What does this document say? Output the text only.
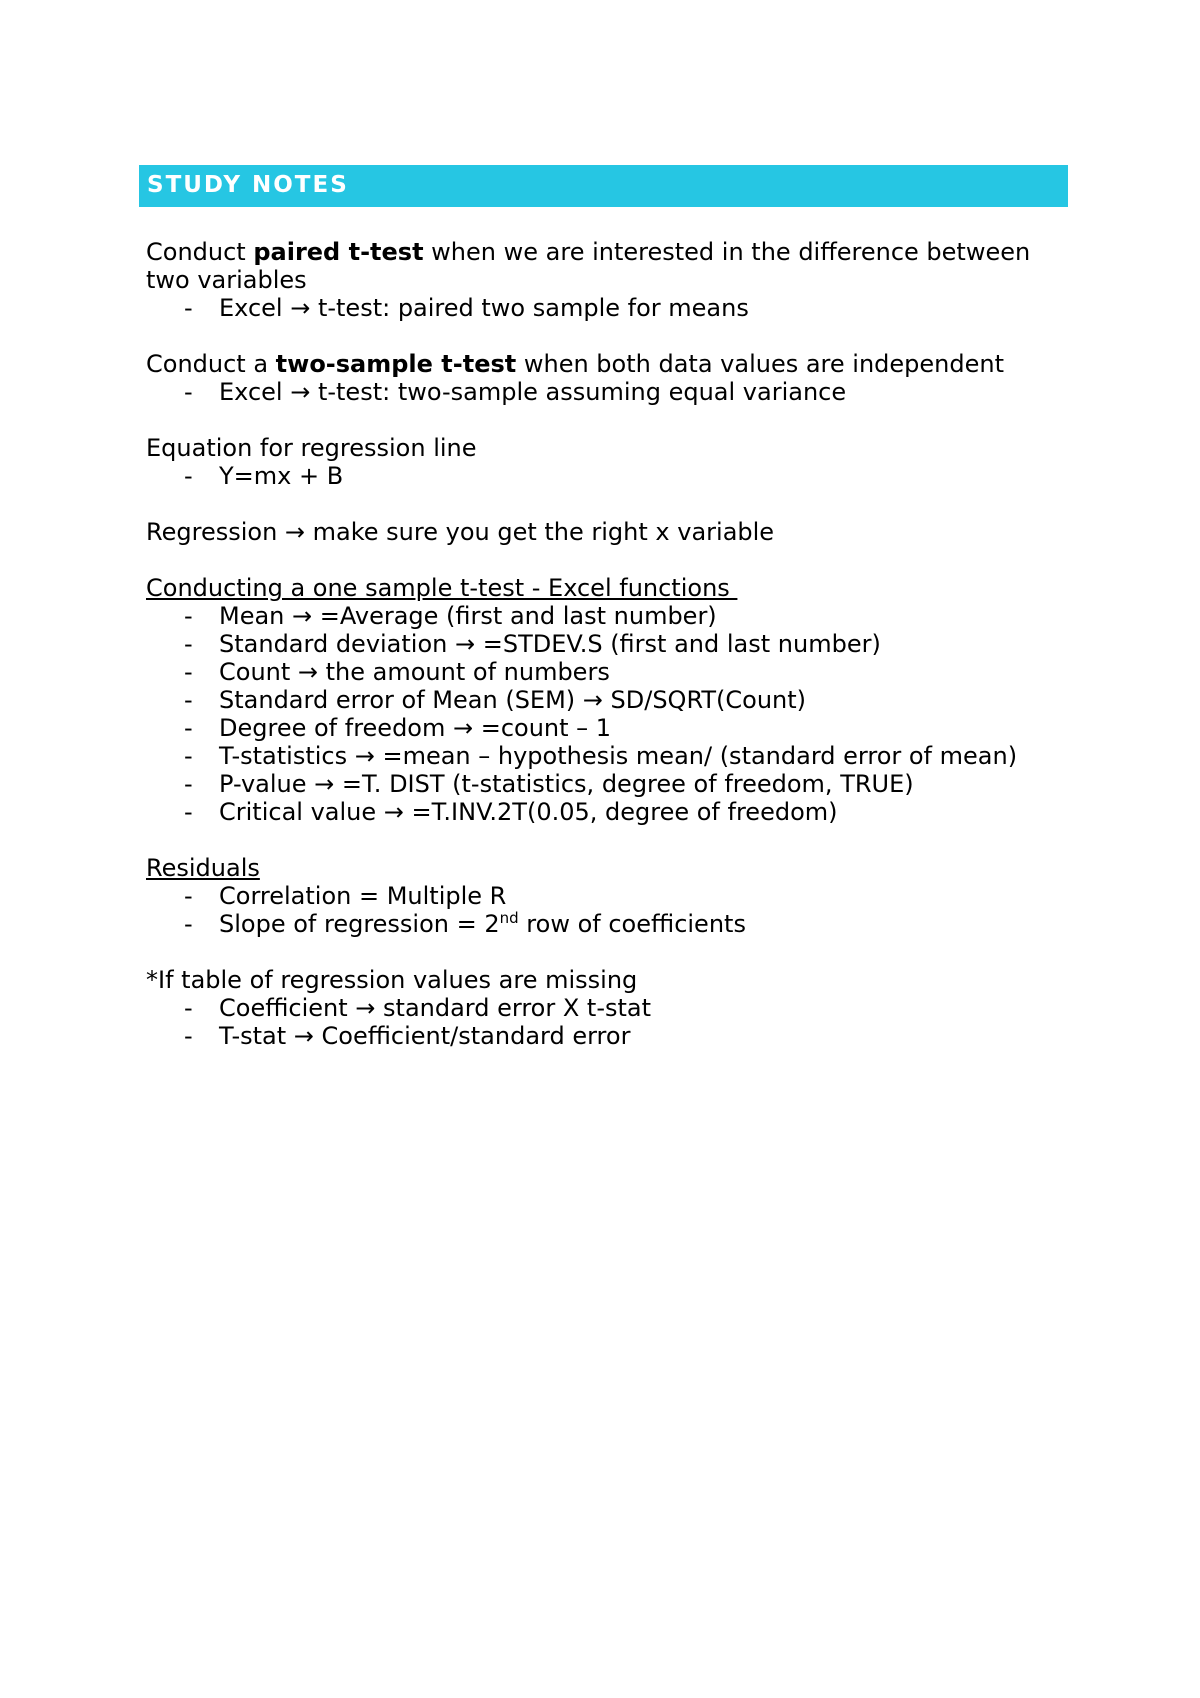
STUDY NOTES
Conduct paired t-test when we are interested in the difference between
two variables
- Excel → t-test: paired two sample for means
Conduct a two-sample t-test when both data values are independent
- Excel → t-test: two-sample assuming equal variance
Equation for regression line
- Y=mx + B
Regression → make sure you get the right x variable
Conducting a one sample t-test - Excel functions
- Mean → =Average (first and last number)
- Standard deviation → =STDEV.S (first and last number)
- Count → the amount of numbers
- Standard error of Mean (SEM) → SD/SQRT(Count)
- Degree of freedom → =count – 1
- T-statistics → =mean – hypothesis mean/ (standard error of mean)
- P-value → =T. DIST (t-statistics, degree of freedom, TRUE)
- Critical value → =T.INV.2T(0.05, degree of freedom)
Residuals
- Correlation = Multiple R
- Slope of regression = 2nd row of coefficients
*If table of regression values are missing
- Coefficient → standard error X t-stat
- T-stat → Coefficient/standard error
